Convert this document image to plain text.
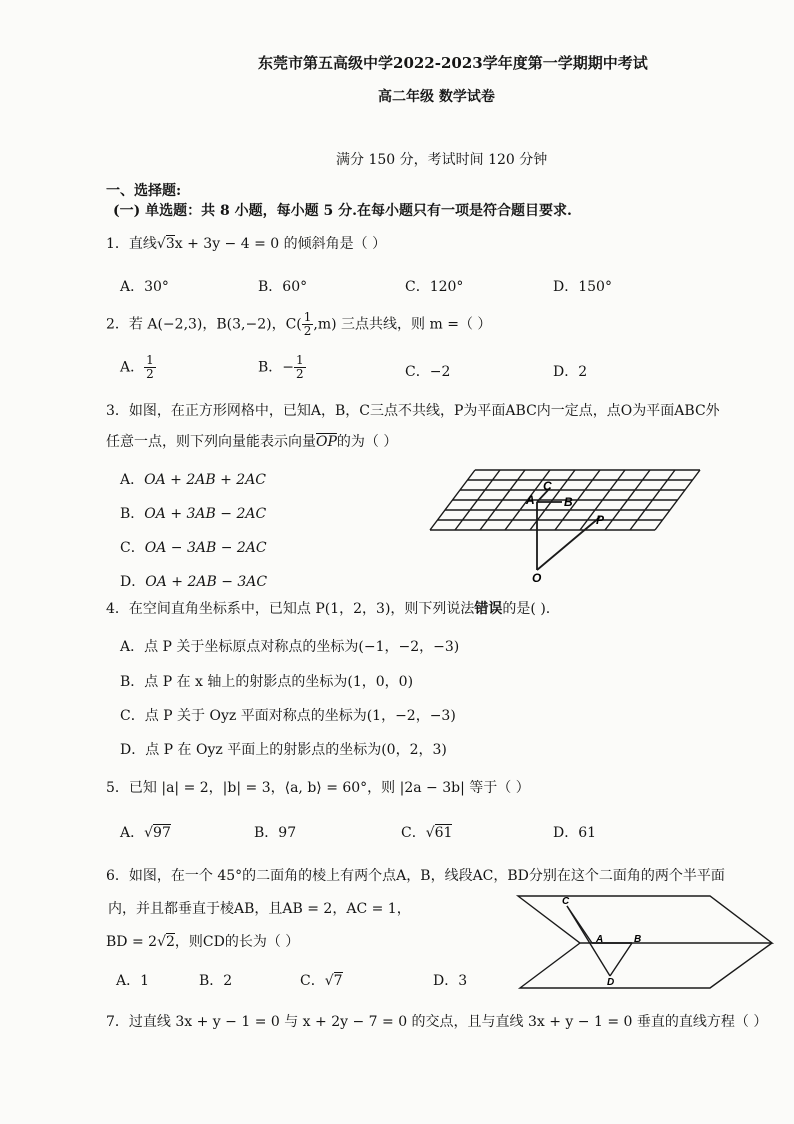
东莞市第五高级中学2022-2023学年度第一学期期中考试
高二年级 数学试卷
满分 150 分，考试时间 120 分钟
一、选择题:
(一) 单选题：共 8 小题，每小题 5 分.在每小题只有一项是符合题目要求.
1．直线√3x + 3y − 4 = 0 的倾斜角是（ ）
A．30°	B．60°	C．120°	D．150°
2．若 A(−2,3)，B(3,−2)，$C( \frac{1}{2} ,m)$ 三点共线，则 m =（ ）
A． $\frac{1}{2}$	B．− $\frac{1}{2}$	C．−2	D．2
3．如图，在正方形网格中，已知A，B，C三点不共线，P为平面ABC内一定点，点O为平面ABC外
任意一点，则下列向量能表示向量$\overline{OP}$的为（ ）
A．OA + 2AB + 2AC
B．OA + 3AB − 2AC
C．OA − 3AB − 2AC
D．OA + 2AB − 3AC
C
A B
P
O
4．在空间直角坐标系中，已知点 P(1，2，3)，则下列说法错误的是( ).
A．点 P 关于坐标原点对称点的坐标为(−1，−2，−3)
B．点 P 在 x 轴上的射影点的坐标为(1，0，0)
C．点 P 关于 Oyz 平面对称点的坐标为(1，−2，−3)
D．点 P 在 Oyz 平面上的射影点的坐标为(0，2，3)
5．已知 |a| = 2，|b| = 3，⟨a, b⟩ = 60°，则 |2a − 3b| 等于（ ）
A．√97	B．97	C．√61	D．61
6．如图，在一个 45°的二面角的棱上有两个点A，B，线段AC，BD分别在这个二面角的两个半平面
内，并且都垂直于棱AB，且AB = 2，AC = 1，
BD = 2√2，则CD的长为（ ）
A．1	B．2	C．√7	D．3
C
A	B
D
7．过直线 3x + y − 1 = 0 与 x + 2y − 7 = 0 的交点，且与直线 3x + y − 1 = 0 垂直的直线方程（ ）
